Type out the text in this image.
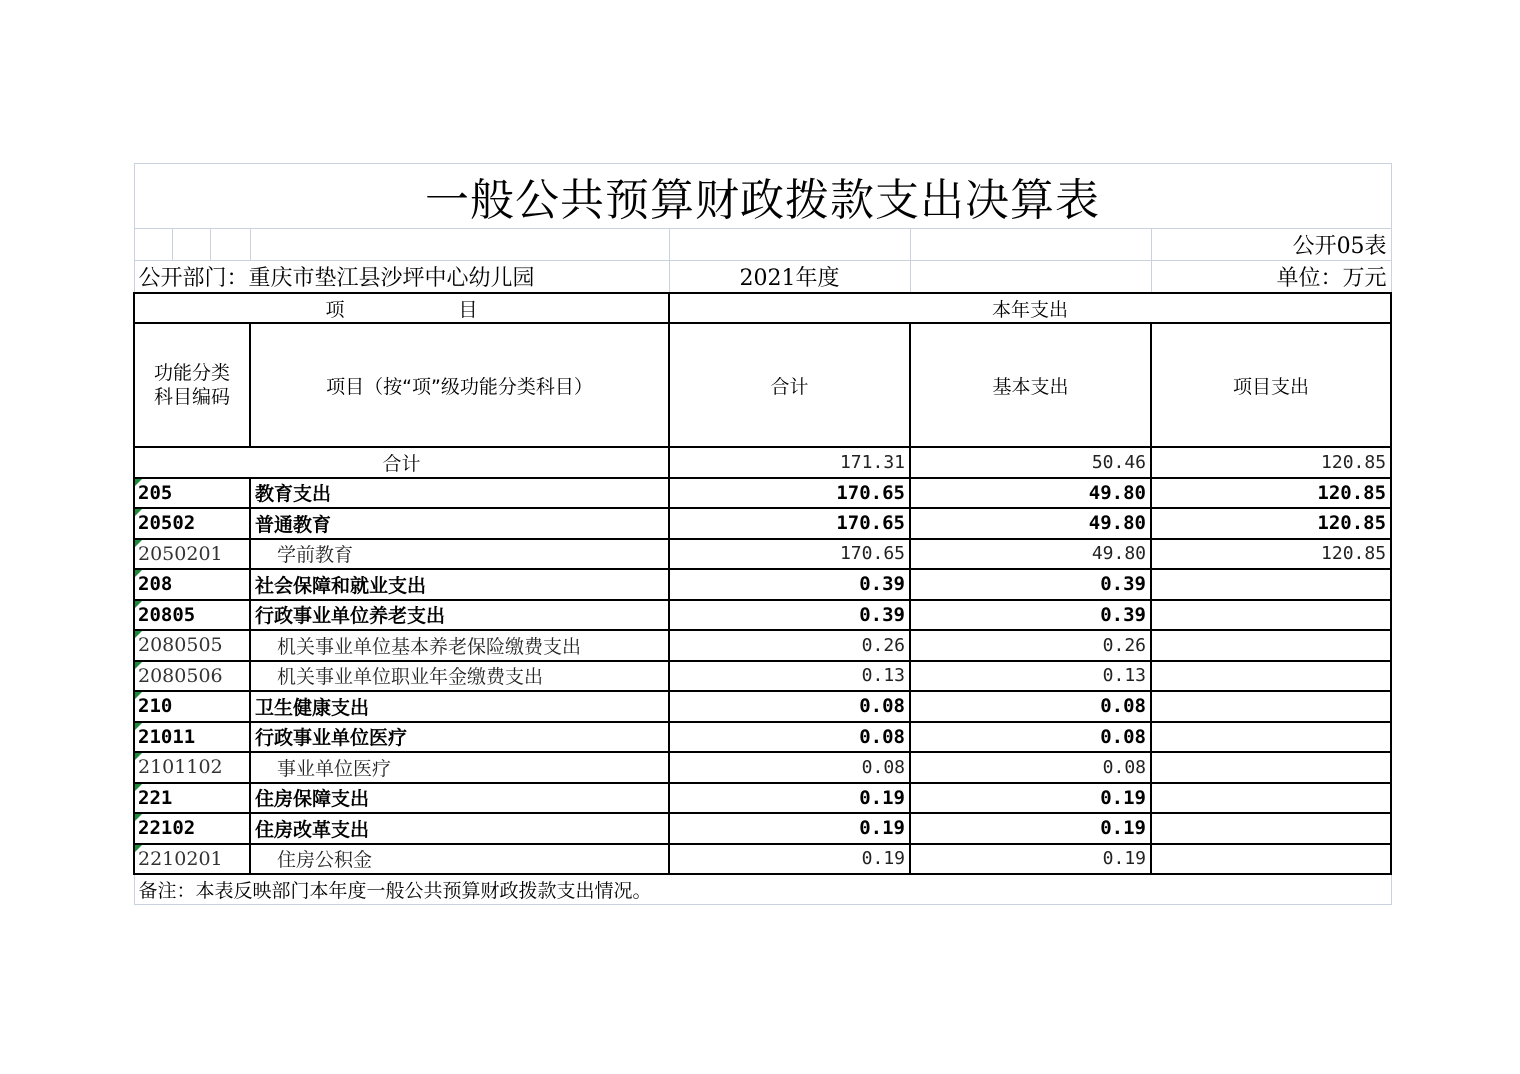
一般公共预算财政拨款支出决算表						
						公开05表
公开部门：重庆市垫江县沙坪中心幼儿园				2021年度		单位：万元
项　　　　　　目				本年支出		
功能分类科目编码			项目（按“项”级功能分类科目）	合计	基本支出	项目支出
合计				171.31	50.46	120.85

205			教育支出	170.65	49.80	120.85

20502			普通教育	170.65	49.80	120.85

2050201			学前教育	170.65	49.80	120.85

208			社会保障和就业支出	0.39	0.39	

20805			行政事业单位养老支出	0.39	0.39	

2080505			机关事业单位基本养老保险缴费支出	0.26	0.26	

2080506			机关事业单位职业年金缴费支出	0.13	0.13	

210			卫生健康支出	0.08	0.08	

21011			行政事业单位医疗	0.08	0.08	

2101102			事业单位医疗	0.08	0.08	

221			住房保障支出	0.19	0.19	

22102			住房改革支出	0.19	0.19	

2210201			住房公积金	0.19	0.19	
备注：本表反映部门本年度一般公共预算财政拨款支出情况。						
